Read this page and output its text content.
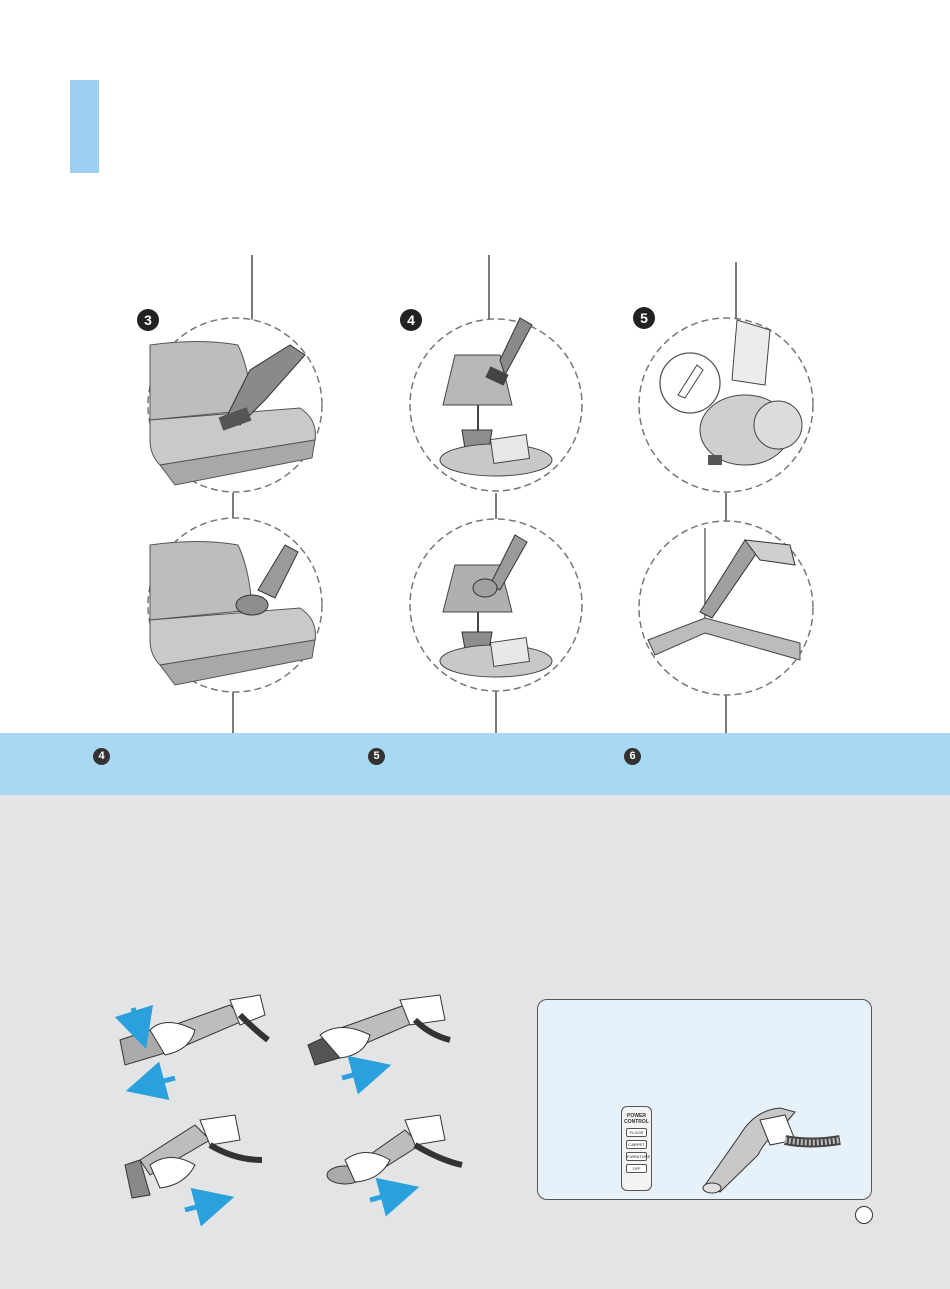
3	4	5
4	5	6
POWER
CONTROL
FLOOR
CARPET
FURNITURE
OFF
